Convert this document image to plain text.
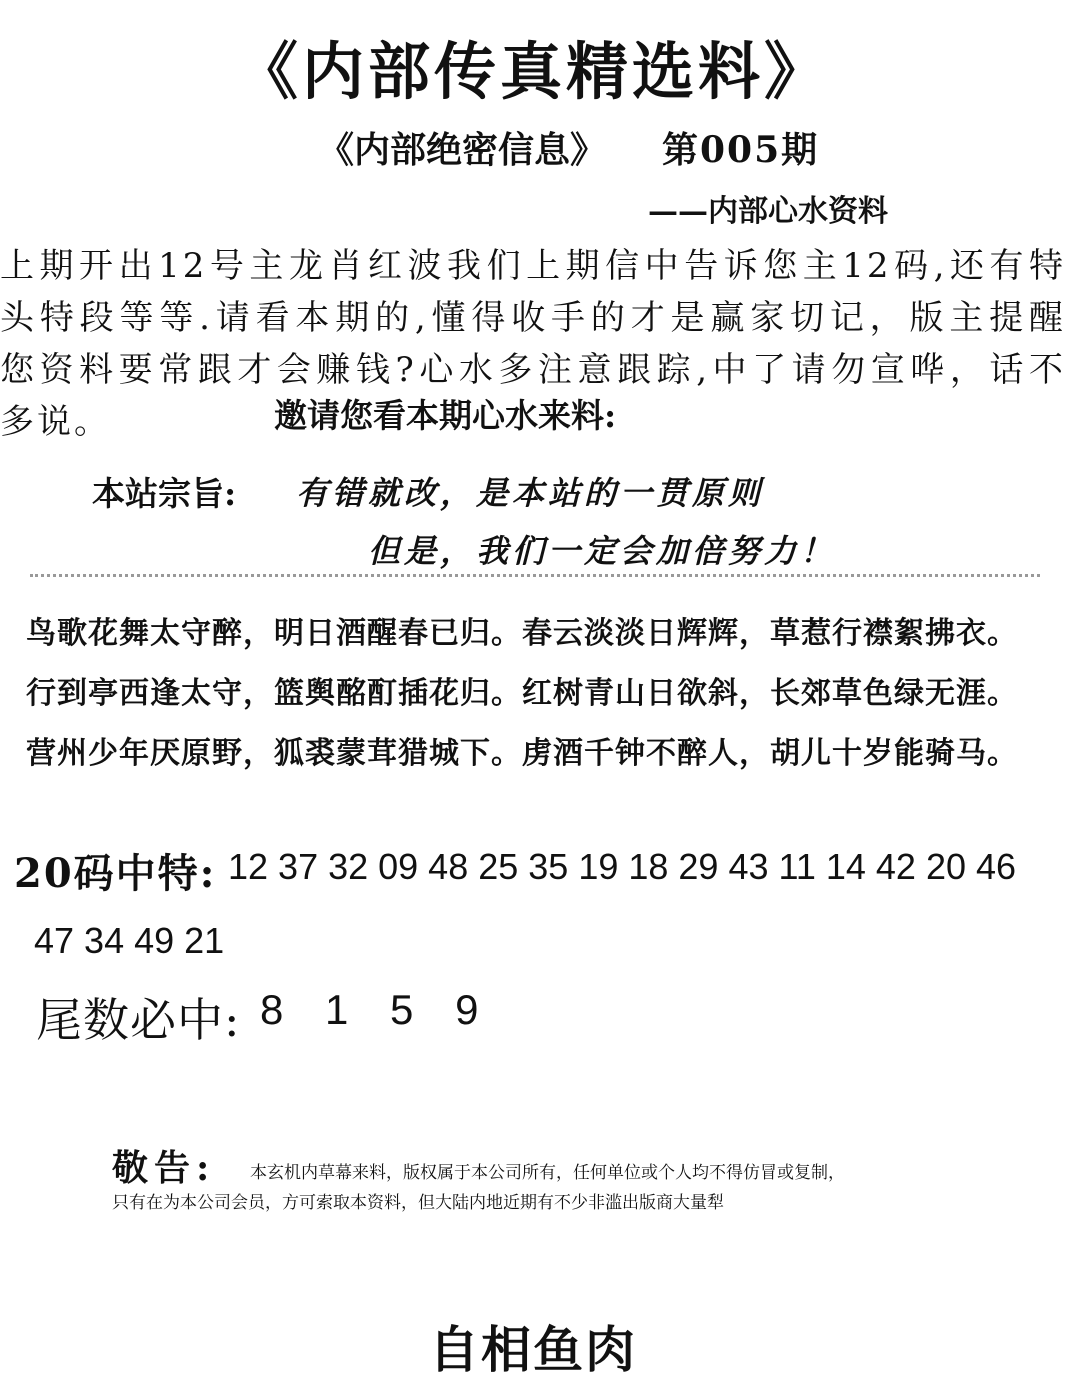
《内部传真精选料》
《内部绝密信息》 第005期
——内部心水资料
上期开出12号主龙肖红波我们上期信中告诉您主12码,还有特
头特段等等.请看本期的,懂得收手的才是赢家切记，版主提醒
您资料要常跟才会赚钱?心水多注意跟踪,中了请勿宣哗，话不
多说。	邀请您看本期心水来料:
本站宗旨: 有错就改，是本站的一贯原则
但是，我们一定会加倍努力！
鸟歌花舞太守醉，明日酒醒春已归。春云淡淡日辉辉，草惹行襟絮拂衣。
行到亭西逢太守，篮舆酩酊插花归。红树青山日欲斜，长郊草色绿无涯。
营州少年厌原野，狐裘蒙茸猎城下。虏酒千钟不醉人，胡儿十岁能骑马。
20码中特: 12 37 32 09 48 25 35 19 18 29 43 11 14 42 20 46
47 34 49 21
尾数必中: 8 1 5 9
敬告: 本玄机内草幕来料，版权属于本公司所有，任何单位或个人均不得仿冒或复制，
只有在为本公司会员，方可索取本资料，但大陆内地近期有不少非滥出版商大量犁
自相鱼肉
